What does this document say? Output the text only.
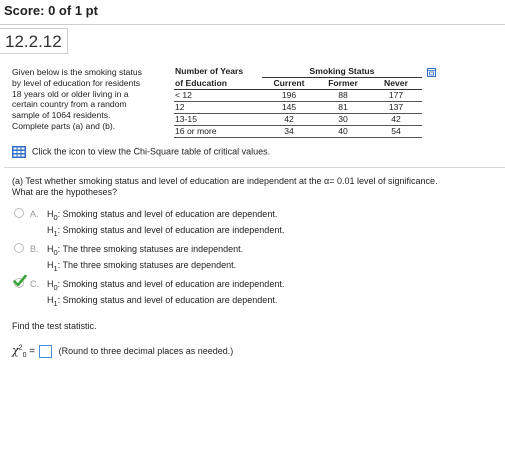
Score: 0 of 1 pt
12.2.12
Given below is the smoking status
by level of education for residents
18 years old or older living in a
certain country from a random
sample of 1064 residents.
Complete parts (a) and (b).
Number of Years	Smoking Status		
of Education	Current	Former	Never
< 12	196	88	177
12	145	81	137
13-15	42	30	42
16 or more	34	40	54
Click the icon to view the Chi-Square table of critical values.
(a) Test whether smoking status and level of education are independent at the α= 0.01 level of significance.
What are the hypotheses?
A. $H_0$: Smoking status and level of education are dependent.
$H_1$: Smoking status and level of education are independent.
B. $H_0$: The three smoking statuses are independent.
$H_1$: The three smoking statuses are dependent.
C. $H_0$: Smoking status and level of education are independent.
$H_1$: Smoking status and level of education are dependent.
Find the test statistic.
$\chi^2_0$ =	(Round to three decimal places as needed.)
